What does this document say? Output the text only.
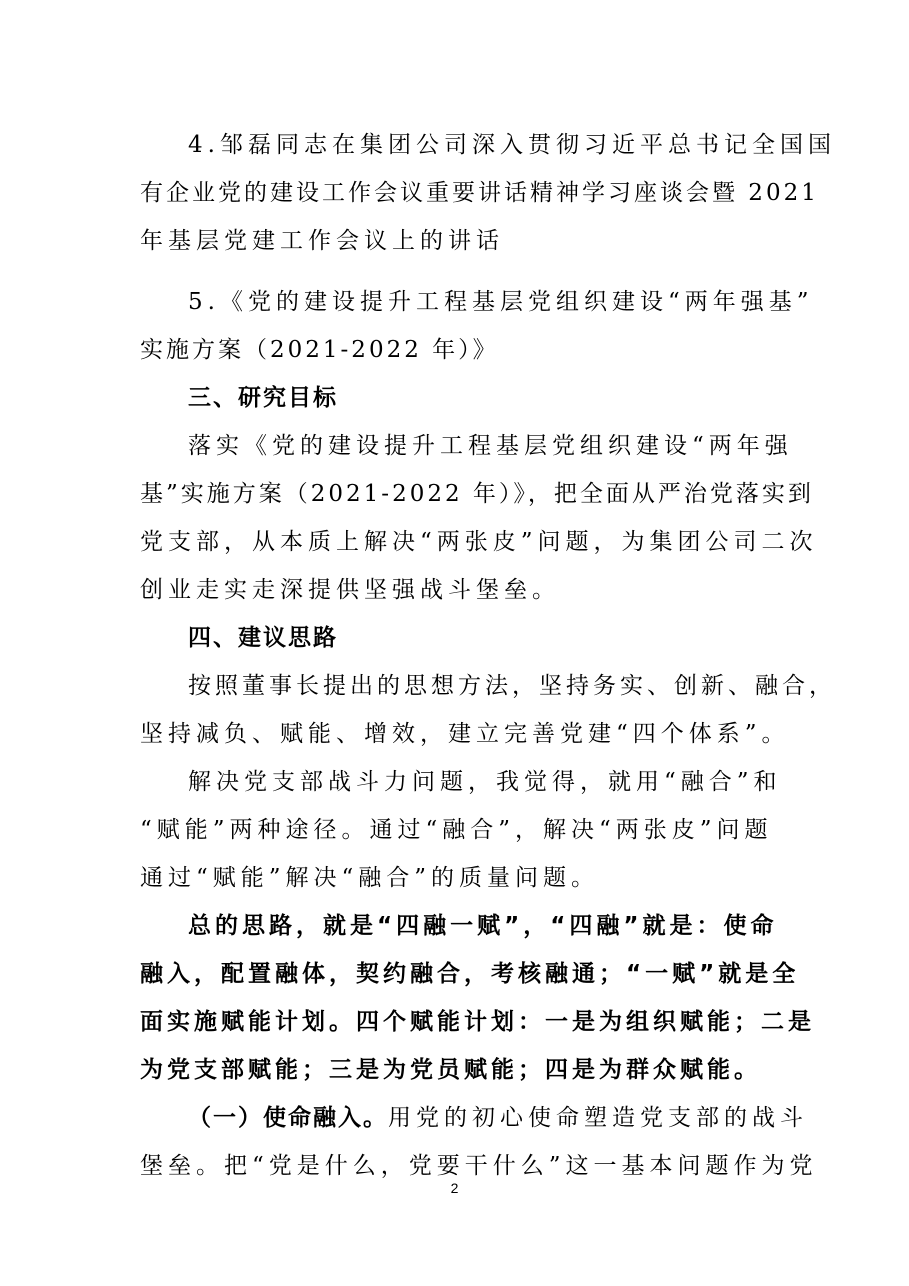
4.邹磊同志在集团公司深入贯彻习近平总书记全国国
有企业党的建设工作会议重要讲话精神学习座谈会暨 2021
年基层党建工作会议上的讲话
5.《党的建设提升工程基层党组织建设“两年强基”
实施方案（2021-2022 年）》
三、研究目标
落实《党的建设提升工程基层党组织建设“两年强
基”实施方案（2021-2022 年）》，把全面从严治党落实到
党支部，从本质上解决“两张皮”问题，为集团公司二次
创业走实走深提供坚强战斗堡垒。
四、建议思路
按照董事长提出的思想方法，坚持务实、创新、融合，
坚持减负、赋能、增效，建立完善党建“四个体系”。
解决党支部战斗力问题，我觉得，就用“融合”和
“赋能”两种途径。通过“融合”，解决“两张皮”问题
通过“赋能”解决“融合”的质量问题。
总的思路，就是“四融一赋”，“四融”就是：使命
融入，配置融体，契约融合，考核融通；“一赋”就是全
面实施赋能计划。四个赋能计划：一是为组织赋能；二是
为党支部赋能；三是为党员赋能；四是为群众赋能。
（一）使命融入。用党的初心使命塑造党支部的战斗
堡垒。把“党是什么，党要干什么”这一基本问题作为党
2
